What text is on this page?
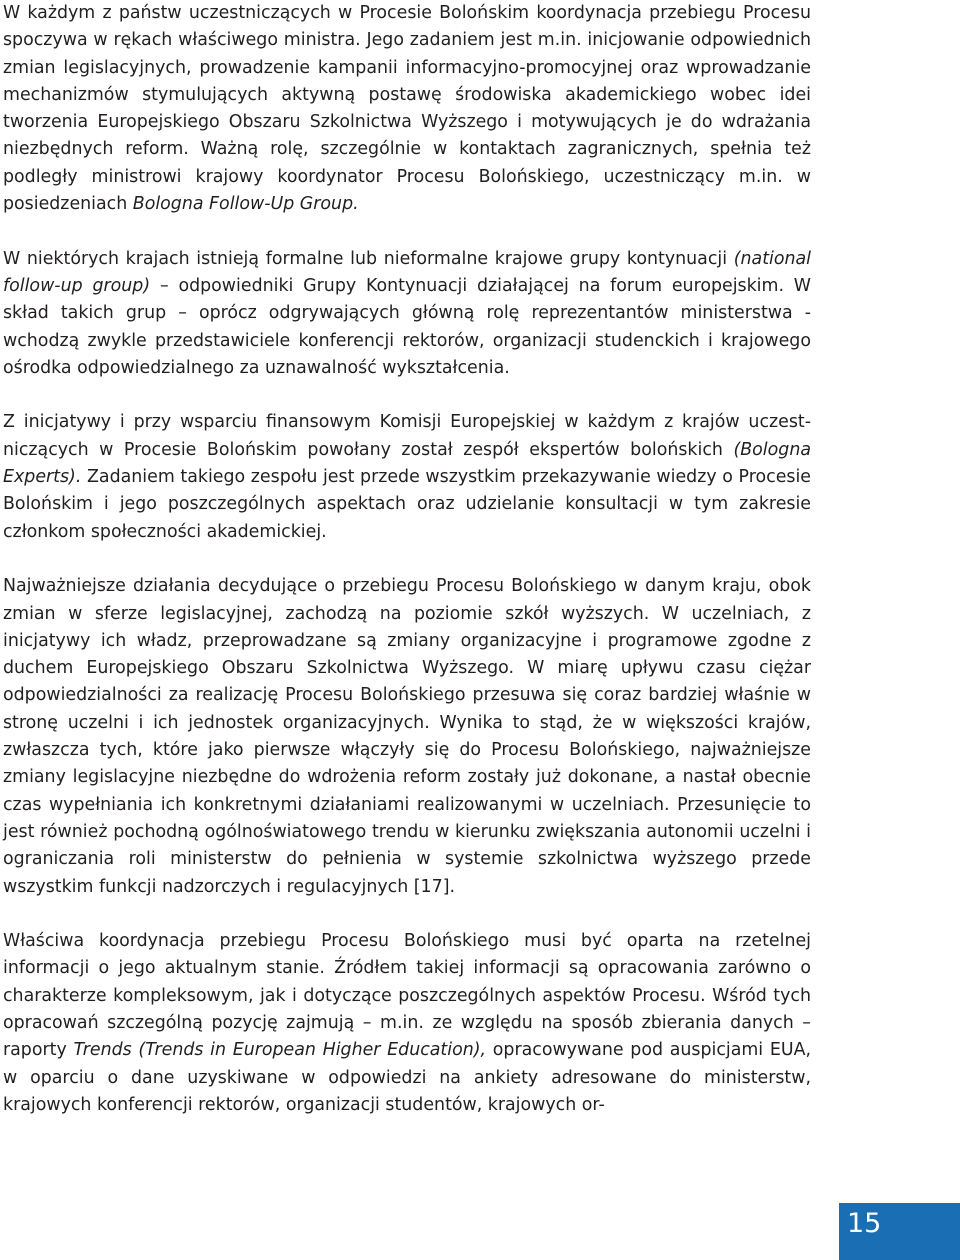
W każdym z państw uczestniczących w Procesie Bolońskim koordynacja przebiegu Procesu spoczywa w rękach właściwego ministra. Jego zadaniem jest m.in. inicjowanie odpowiednich zmian legislacyjnych, prowadzenie kampanii informacyjno-promocyjnej oraz wprowadzanie mechanizmów stymulujących aktywną postawę środowiska akademickiego wobec idei tworzenia Europejskiego Obszaru Szkolnictwa Wyższego i motywujących je do wdrażania niezbędnych reform. Ważną rolę, szczególnie w kontaktach zagranicznych, spełnia też podległy ministrowi krajowy koordynator Procesu Bolońskiego, uczestniczący m.in. w posiedzeniach Bologna Follow-Up Group.

W niektórych krajach istnieją formalne lub nieformalne krajowe grupy kontynuacji (national follow-up group) – odpowiedniki Grupy Kontynuacji działającej na forum europejskim. W skład takich grup – oprócz odgrywających główną rolę reprezentantów ministerstwa - wchodzą zwykle przedstawiciele konferencji rektorów, organizacji studenckich i krajowego ośrodka odpowiedzialnego za uznawalność wykształcenia.

Z inicjatywy i przy wsparciu finansowym Komisji Europejskiej w każdym z krajów uczestniczących w Procesie Bolońskim powołany został zespół ekspertów bolońskich (Bologna Experts). Zadaniem takiego zespołu jest przede wszystkim przekazywanie wiedzy o Procesie Bolońskim i jego poszczególnych aspektach oraz udzielanie konsultacji w tym zakresie członkom społeczności akademickiej.

Najważniejsze działania decydujące o przebiegu Procesu Bolońskiego w danym kraju, obok zmian w sferze legislacyjnej, zachodzą na poziomie szkół wyższych. W uczelniach, z inicjatywy ich władz, przeprowadzane są zmiany organizacyjne i programowe zgodne z duchem Europejskiego Obszaru Szkolnictwa Wyższego. W miarę upływu czasu ciężar odpowiedzialności za realizację Procesu Bolońskiego przesuwa się coraz bardziej właśnie w stronę uczelni i ich jednostek organizacyjnych. Wynika to stąd, że w większości krajów, zwłaszcza tych, które jako pierwsze włączyły się do Procesu Bolońskiego, najważniejsze zmiany legislacyjne niezbędne do wdrożenia reform zostały już dokonane, a nastał obecnie czas wypełniania ich konkretnymi działaniami realizowanymi w uczelniach. Przesunięcie to jest również pochodną ogólnoświatowego trendu w kierunku zwiększania autonomii uczelni i ograniczania roli ministerstw do pełnienia w systemie szkolnictwa wyższego przede wszystkim funkcji nadzorczych i regulacyjnych [17].

Właściwa koordynacja przebiegu Procesu Bolońskiego musi być oparta na rzetelnej informacji o jego aktualnym stanie. Źródłem takiej informacji są opracowania zarówno o charakterze kompleksowym, jak i dotyczące poszczególnych aspektów Procesu. Wśród tych opracowań szczególną pozycję zajmują – m.in. ze względu na sposób zbierania danych – raporty Trends (Trends in European Higher Education), opracowywane pod auspicjami EUA, w oparciu o dane uzyskiwane w odpowiedzi na ankiety adresowane do ministerstw, krajowych konferencji rektorów, organizacji studentów, krajowych or-

15
